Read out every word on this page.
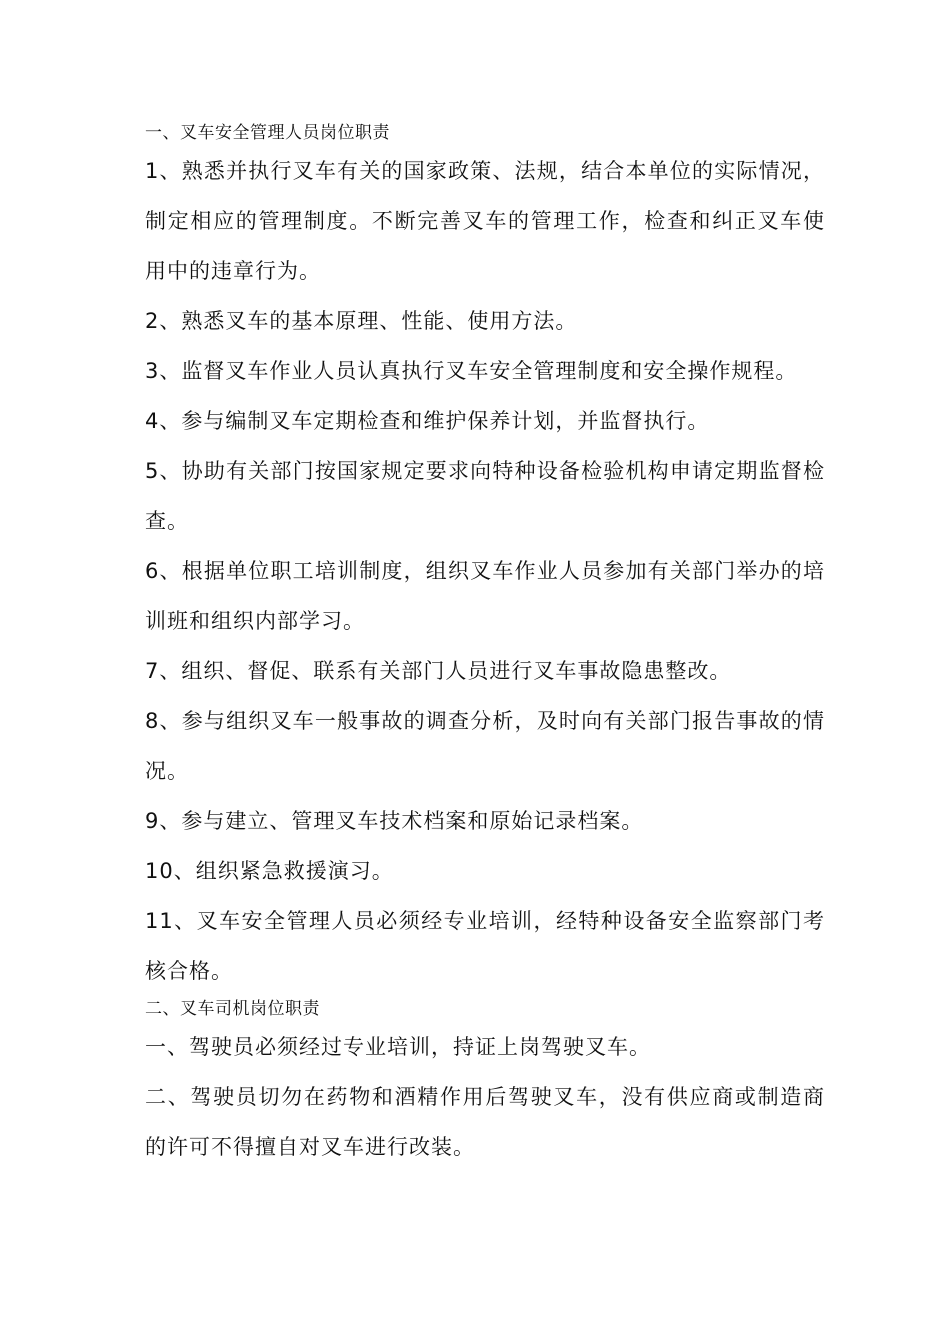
一、叉车安全管理人员岗位职责

1、熟悉并执行叉车有关的国家政策、法规，结合本单位的实际情况，制定相应的管理制度。不断完善叉车的管理工作，检查和纠正叉车使用中的违章行为。

2、熟悉叉车的基本原理、性能、使用方法。

3、监督叉车作业人员认真执行叉车安全管理制度和安全操作规程。

4、参与编制叉车定期检查和维护保养计划，并监督执行。

5、协助有关部门按国家规定要求向特种设备检验机构申请定期监督检查。

6、根据单位职工培训制度，组织叉车作业人员参加有关部门举办的培训班和组织内部学习。

7、组织、督促、联系有关部门人员进行叉车事故隐患整改。

8、参与组织叉车一般事故的调查分析，及时向有关部门报告事故的情况。

9、参与建立、管理叉车技术档案和原始记录档案。

10、组织紧急救援演习。

11、叉车安全管理人员必须经专业培训，经特种设备安全监察部门考核合格。

二、叉车司机岗位职责

一、驾驶员必须经过专业培训，持证上岗驾驶叉车。

二、驾驶员切勿在药物和酒精作用后驾驶叉车，没有供应商或制造商的许可不得擅自对叉车进行改装。
